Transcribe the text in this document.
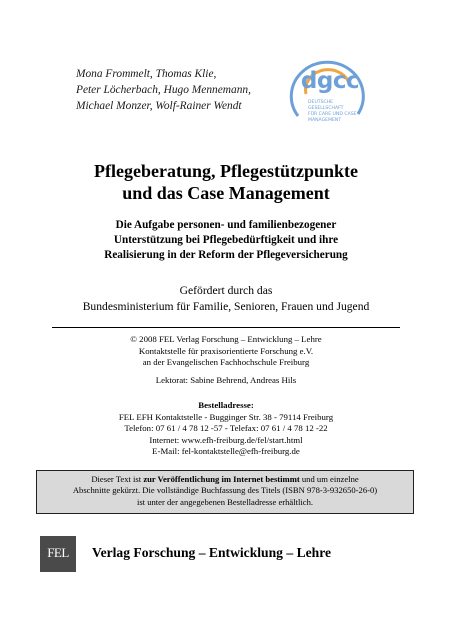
Mona Frommelt, Thomas Klie,
Peter Löcherbach, Hugo Mennemann,
Michael Monzer, Wolf-Rainer Wendt
dgcc
DEUTSCHE GESELLSCHAFT
FÜR CARE UND CASE
MANAGEMENT
Pflegeberatung, Pflegestützpunkte
und das Case Management
Die Aufgabe personen- und familienbezogener
Unterstützung bei Pflegebedürftigkeit und ihre
Realisierung in der Reform der Pflegeversicherung
Gefördert durch das
Bundesministerium für Familie, Senioren, Frauen und Jugend
© 2008 FEL Verlag Forschung – Entwicklung – Lehre
Kontaktstelle für praxisorientierte Forschung e.V.
an der Evangelischen Fachhochschule Freiburg
Lektorat: Sabine Behrend, Andreas Hils
Bestelladresse:
FEL EFH Kontaktstelle - Bugginger Str. 38 - 79114 Freiburg
Telefon: 07 61 / 4 78 12 -57 - Telefax: 07 61 / 4 78 12 -22
Internet: www.efh-freiburg.de/fel/start.html
E-Mail: fel-kontaktstelle@efh-freiburg.de
Dieser Text ist zur Veröffentlichung im Internet bestimmt und um einzelne
Abschnitte gekürzt. Die vollständige Buchfassung des Titels (ISBN 978-3-932650-26-0)
ist unter der angegebenen Bestelladresse erhältlich.
FEL	Verlag Forschung – Entwicklung – Lehre
